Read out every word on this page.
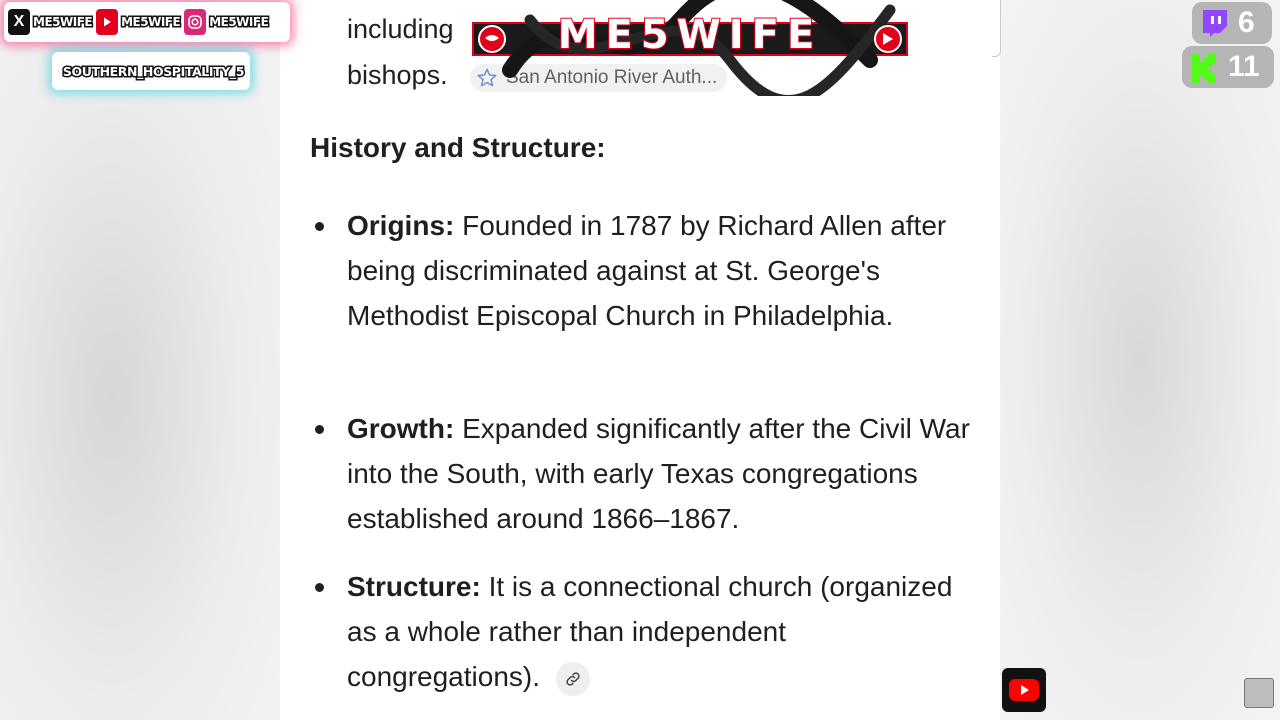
including
bishops.	San Antonio River Auth...
History and Structure:
Origins: Founded in 1787 by Richard Allen after being discriminated against at St. George's Methodist Episcopal Church in Philadelphia.
Growth: Expanded significantly after the Civil War into the South, with early Texas congregations established around 1866–1867.
Structure: It is a connectional church (organized as a whole rather than independent congregations).
X ME5WIFE ME5WIFE ME5WIFE
SOUTHERN_HOSPITALITY_5
ME5WIFE	6
11
